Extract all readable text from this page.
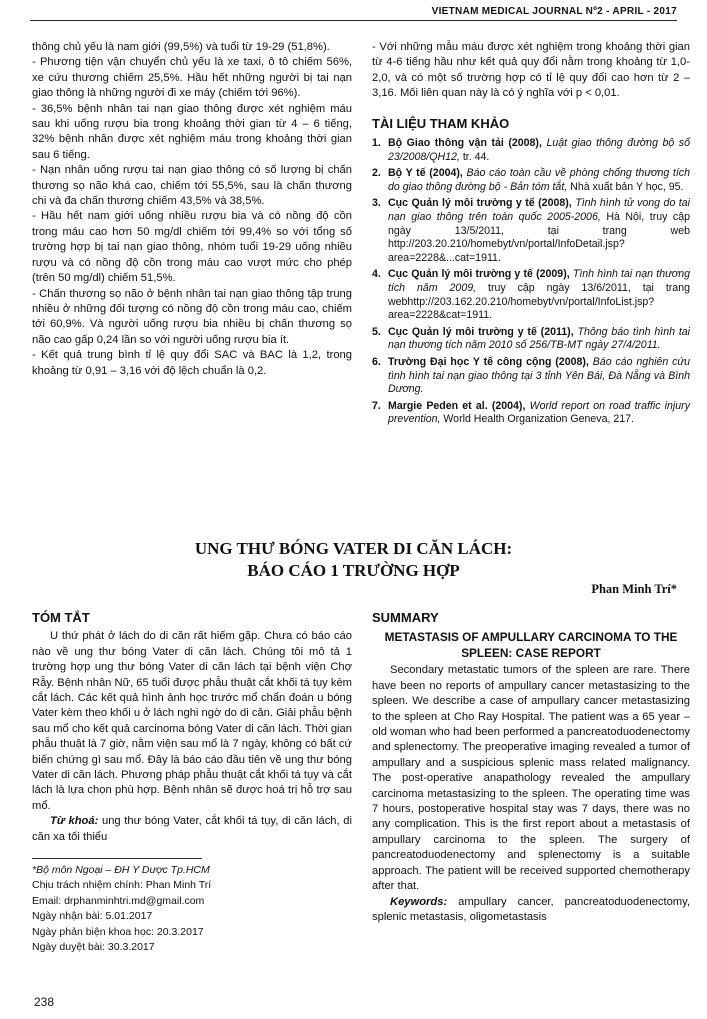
VIETNAM MEDICAL JOURNAL Nº2 - APRIL - 2017

thông chủ yếu là nam giới (99,5%) và tuổi từ 19-29 (51,8%).

- Phương tiện vận chuyển chủ yếu là xe taxi, ô tô chiếm 56%, xe cứu thương chiếm 25,5%. Hầu hết những người bị tai nạn giao thông là những người đi xe máy (chiếm tới 96%).

- 36,5% bệnh nhân tai nạn giao thông được xét nghiệm máu sau khi uống rượu bia trong khoảng thời gian từ 4 – 6 tiếng, 32% bệnh nhân được xét nghiệm máu trong khoảng thời gian sau 6 tiếng.

- Nạn nhân uống rượu tai nạn giao thông có số lượng bị chấn thương sọ não khá cao, chiếm tới 55,5%, sau là chấn thương chi và đa chấn thương chiếm 43,5% và 38,5%.

- Hầu hết nam giới uống nhiều rượu bia và có nồng độ cồn trong máu cao hơn 50 mg/dl chiếm tới 99,4% so với tổng số trường hợp bị tai nạn giao thông, nhóm tuổi 19-29 uống nhiều rượu và có nồng độ cồn trong máu cao vượt mức cho phép (trên 50 mg/dl) chiếm 51,5%.

- Chấn thương sọ não ở bệnh nhân tai nạn giao thông tập trung nhiều ở những đối tượng có nồng độ cồn trong máu cao, chiếm tới 60,9%. Và người uống rượu bia nhiều bị chấn thương sọ não cao gấp 0,24 lần so với người uống rượu bia ít.

- Kết quả trung bình tỉ lệ quy đổi SAC và BAC là 1,2, trong khoảng từ 0,91 – 3,16 với độ lệch chuẩn là 0,2.

- Với những mẫu máu được xét nghiệm trong khoảng thời gian từ 4-6 tiếng hầu như kết quả quy đổi nằm trong khoảng từ 1,0-2,0, và có một số trường hợp có tỉ lệ quy đổi cao hơn từ 2 – 3,16. Mối liên quan này là có ý nghĩa với p < 0,01.

TÀI LIỆU THAM KHẢO
1. Bộ Giao thông vận tải (2008), Luật giao thông đường bộ số 23/2008/QH12, tr. 44.
2. Bộ Y tế (2004), Báo cáo toàn cầu về phòng chống thương tích do giao thông đường bộ - Bản tóm tắt, Nhà xuất bản Y học, 95.
3. Cục Quản lý môi trường y tế (2008), Tình hình tử vong do tai nạn giao thông trên toàn quốc 2005-2006, Hà Nội, truy cập ngày 13/5/2011, tại trang web http://203.20.210/homebyt/vn/portal/InfoDetail.jsp?area=2228&...cat=1911.
4. Cục Quản lý môi trường y tế (2009), Tình hình tai nạn thương tích năm 2009, truy cập ngày 13/6/2011, tại trang webhttp://203.162.20.210/homebyt/vn/portal/InfoList.jsp?area=2228&cat=1911.
5. Cục Quản lý môi trường y tế (2011), Thông báo tình hình tai nạn thương tích năm 2010 số 256/TB-MT ngày 27/4/2011.
6. Trường Đại học Y tế công cộng (2008), Báo cáo nghiên cứu tình hình tai nạn giao thông tại 3 tỉnh Yên Bái, Đà Nẵng và Bình Dương.
7. Margie Peden et al. (2004), World report on road traffic injury prevention, World Health Organization Geneva, 217.
UNG THƯ BÓNG VATER DI CĂN LÁCH:
BÁO CÁO 1 TRƯỜNG HỢP
Phan Minh Trí*
TÓM TẮT

U thứ phát ở lách do di căn rất hiếm gặp. Chưa có báo cáo nào về ung thư bóng Vater di căn lách. Chúng tôi mô tả 1 trường hợp ung thư bóng Vater di căn lách tại bệnh viện Chợ Rẫy. Bệnh nhân Nữ, 65 tuổi được phẫu thuật cắt khối tá tụy kèm cắt lách. Các kết quả hình ảnh học trước mổ chẩn đoán u bóng Vater kèm theo khối u ở lách nghi ngờ do di căn. Giải phẫu bệnh sau mổ cho kết quả carcinoma bóng Vater di căn lách. Thời gian phẫu thuật là 7 giờ, nằm viện sau mổ là 7 ngày, không có bất cứ biến chứng gì sau mổ. Đây là báo cáo đầu tiên về ung thư bóng Vater di căn lách. Phương pháp phẫu thuật cắt khối tá tụy và cắt lách là lựa chọn phù hợp. Bệnh nhân sẽ được hoá trị hỗ trợ sau mổ.

Từ khoá: ung thư bóng Vater, cắt khối tá tụy, di căn lách, di căn xa tối thiểu

*Bộ môn Ngoại – ĐH Y Dược Tp.HCM
Chịu trách nhiệm chính: Phan Minh Trí
Email: drphanminhtri.md@gmail.com
Ngày nhận bài: 5.01.2017
Ngày phản biện khoa học: 20.3.2017
Ngày duyệt bài: 30.3.2017
SUMMARY
METASTASIS OF AMPULLARY CARCINOMA TO THE SPLEEN: CASE REPORT

Secondary metastatic tumors of the spleen are rare. There have been no reports of ampullary cancer metastasizing to the spleen. We describe a case of ampullary cancer metastasizing to the spleen at Cho Ray Hospital. The patient was a 65 year – old woman who had been performed a pancreatoduodenectomy and splenectomy. The preoperative imaging revealed a tumor of ampullary and a suspicious splenic mass related malignancy. The post-operative anapathology revealed the ampullary carcinoma metastasizing to the spleen. The operating time was 7 hours, postoperative hospital stay was 7 days, there was no any complication. This is the first report about a metastasis of ampullary carcinoma to the spleen. The surgery of pancreatoduodenectomy and splenectomy is a suitable approach. The patient will be received supported chemotherapy after that.

Keywords: ampullary cancer, pancreatoduodenectomy, splenic metastasis, oligometastasis

238
